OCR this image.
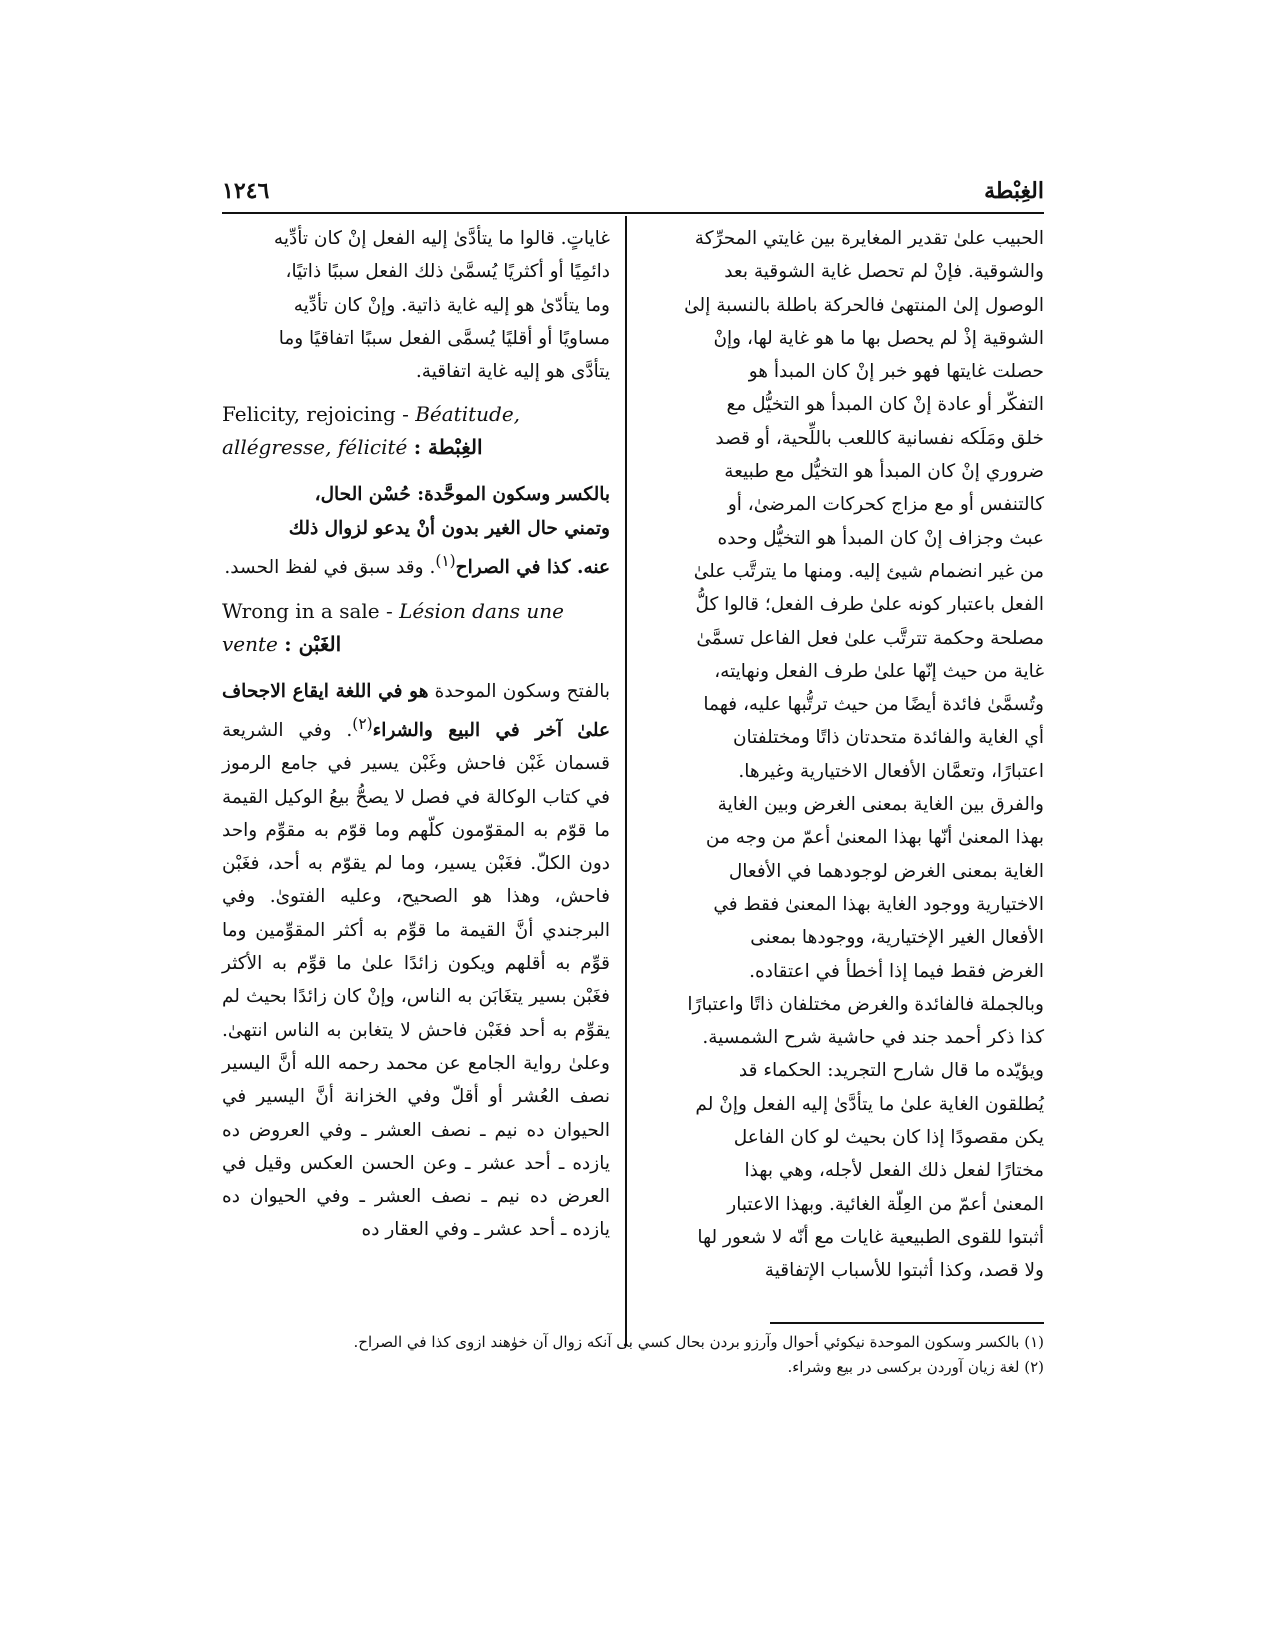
الغِبْطة
١٢٤٦

الحبيب علىٰ تقدير المغايرة بين غايتي المحرِّكة

والشوقية. فإنْ لم تحصل غاية الشوقية بعد

الوصول إلىٰ المنتهىٰ فالحركة باطلة بالنسبة إلىٰ

الشوقية إذْ لم يحصل بها ما هو غاية لها، وإنْ

حصلت غايتها فهو خبر إنْ كان المبدأ هو

التفكّر أو عادة إنْ كان المبدأ هو التخيُّل مع

خلق ومَلَكه نفسانية كاللعب باللِّحية، أو قصد

ضروري إنْ كان المبدأ هو التخيُّل مع طبيعة

كالتنفس أو مع مزاج كحركات المرضىٰ، أو

عبث وجزاف إنْ كان المبدأ هو التخيُّل وحده

من غير انضمام شيئ إليه. ومنها ما يترتَّب علىٰ

الفعل باعتبار كونه علىٰ طرف الفعل؛ قالوا كلُّ

مصلحة وحكمة تترتَّب علىٰ فعل الفاعل تسمَّىٰ

غاية من حيث إنّها علىٰ طرف الفعل ونهايته،

وتُسمَّىٰ فائدة أيضًا من حيث ترتُّبها عليه، فهما

أي الغاية والفائدة متحدتان ذاتًا ومختلفتان

اعتبارًا، وتعمَّان الأفعال الاختيارية وغيرها.

والفرق بين الغاية بمعنى الغرض وبين الغاية

بهذا المعنىٰ أنّها بهذا المعنىٰ أعمّ من وجه من

الغاية بمعنى الغرض لوجودهما في الأفعال

الاختيارية ووجود الغاية بهذا المعنىٰ فقط في

الأفعال الغير الإختيارية، ووجودها بمعنى

الغرض فقط فيما إذا أخطأ في اعتقاده.

وبالجملة فالفائدة والغرض مختلفان ذاتًا واعتبارًا

كذا ذكر أحمد جند في حاشية شرح الشمسية.

ويؤيّده ما قال شارح التجريد: الحكماء قد

يُطلقون الغاية علىٰ ما يتأدَّىٰ إليه الفعل وإنْ لم

يكن مقصودًا إذا كان بحيث لو كان الفاعل

مختارًا لفعل ذلك الفعل لأجله، وهي بهذا

المعنىٰ أعمّ من العِلّة الغائية. وبهذا الاعتبار

أثبتوا للقوى الطبيعية غايات مع أنّه لا شعور لها

ولا قصد، وكذا أثبتوا للأسباب الإتفاقية

غاياتٍ. قالوا ما يتأدَّىٰ إليه الفعل إنْ كان تأدِّيه

دائمِيًا أو أكثريًا يُسمَّىٰ ذلك الفعل سببًا ذاتيًا،

وما يتأدّىٰ هو إليه غاية ذاتية. وإنْ كان تأدِّيه

مساويًا أو أقليًا يُسمَّى الفعل سببًا اتفاقيًا وما

يتأدَّى هو إليه غاية اتفاقية.

Felicity, rejoicing - Béatitude, allégresse, félicité الغِبْطة :

بالكسر وسكون الموحَّدة: حُسْن الحال،

وتمني حال الغير بدون أنْ يدعو لزوال ذلك

عنه. كذا في الصراح$^{(١)}$. وقد سبق في لفظ الحسد.

Wrong in a sale - Lésion dans une vente الغَبْن :

بالفتح وسكون الموحدة هو في اللغة ايقاع الاجحاف علىٰ آخر في البيع والشراء$^{(٢)}$. وفي الشريعة قسمان غَبْن فاحش وغَبْن يسير في جامع الرموز في كتاب الوكالة في فصل لا يصحُّ بيعُ الوكيل القيمة ما قوّم به المقوّمون كلّهم وما قوّم به مقوِّم واحد دون الكلّ. فغَبْن يسير، وما لم يقوّم به أحد، فغَبْن فاحش، وهذا هو الصحيح، وعليه الفتوىٰ. وفي البرجندي أنَّ القيمة ما قوِّم به أكثر المقوِّمين وما قوِّم به أقلهم ويكون زائدًا علىٰ ما قوِّم به الأكثر فغَبْن بسير يتغَابَن به الناس، وإنْ كان زائدًا بحيث لم يقوِّم به أحد فغَبْن فاحش لا يتغابن به الناس انتهىٰ. وعلىٰ رواية الجامع عن محمد رحمه الله أنَّ اليسير نصف العُشر أو أقلّ وفي الخزانة أنَّ اليسير في الحيوان ده نيم ـ نصف العشر ـ وفي العروض ده يازده ـ أحد عشر ـ وعن الحسن العكس وقيل في العرض ده نيم ـ نصف العشر ـ وفي الحيوان ده يازده ـ أحد عشر ـ وفي العقار ده

(١) بالكسر وسكون الموحدة نيكوئي أحوال وآرزو بردن بحال كسي بى آنكه زوال آن خوٰهند ازوى كذا في الصراح.

(٢) لغة زيان آوردن بركسى در بيع وشراء.
